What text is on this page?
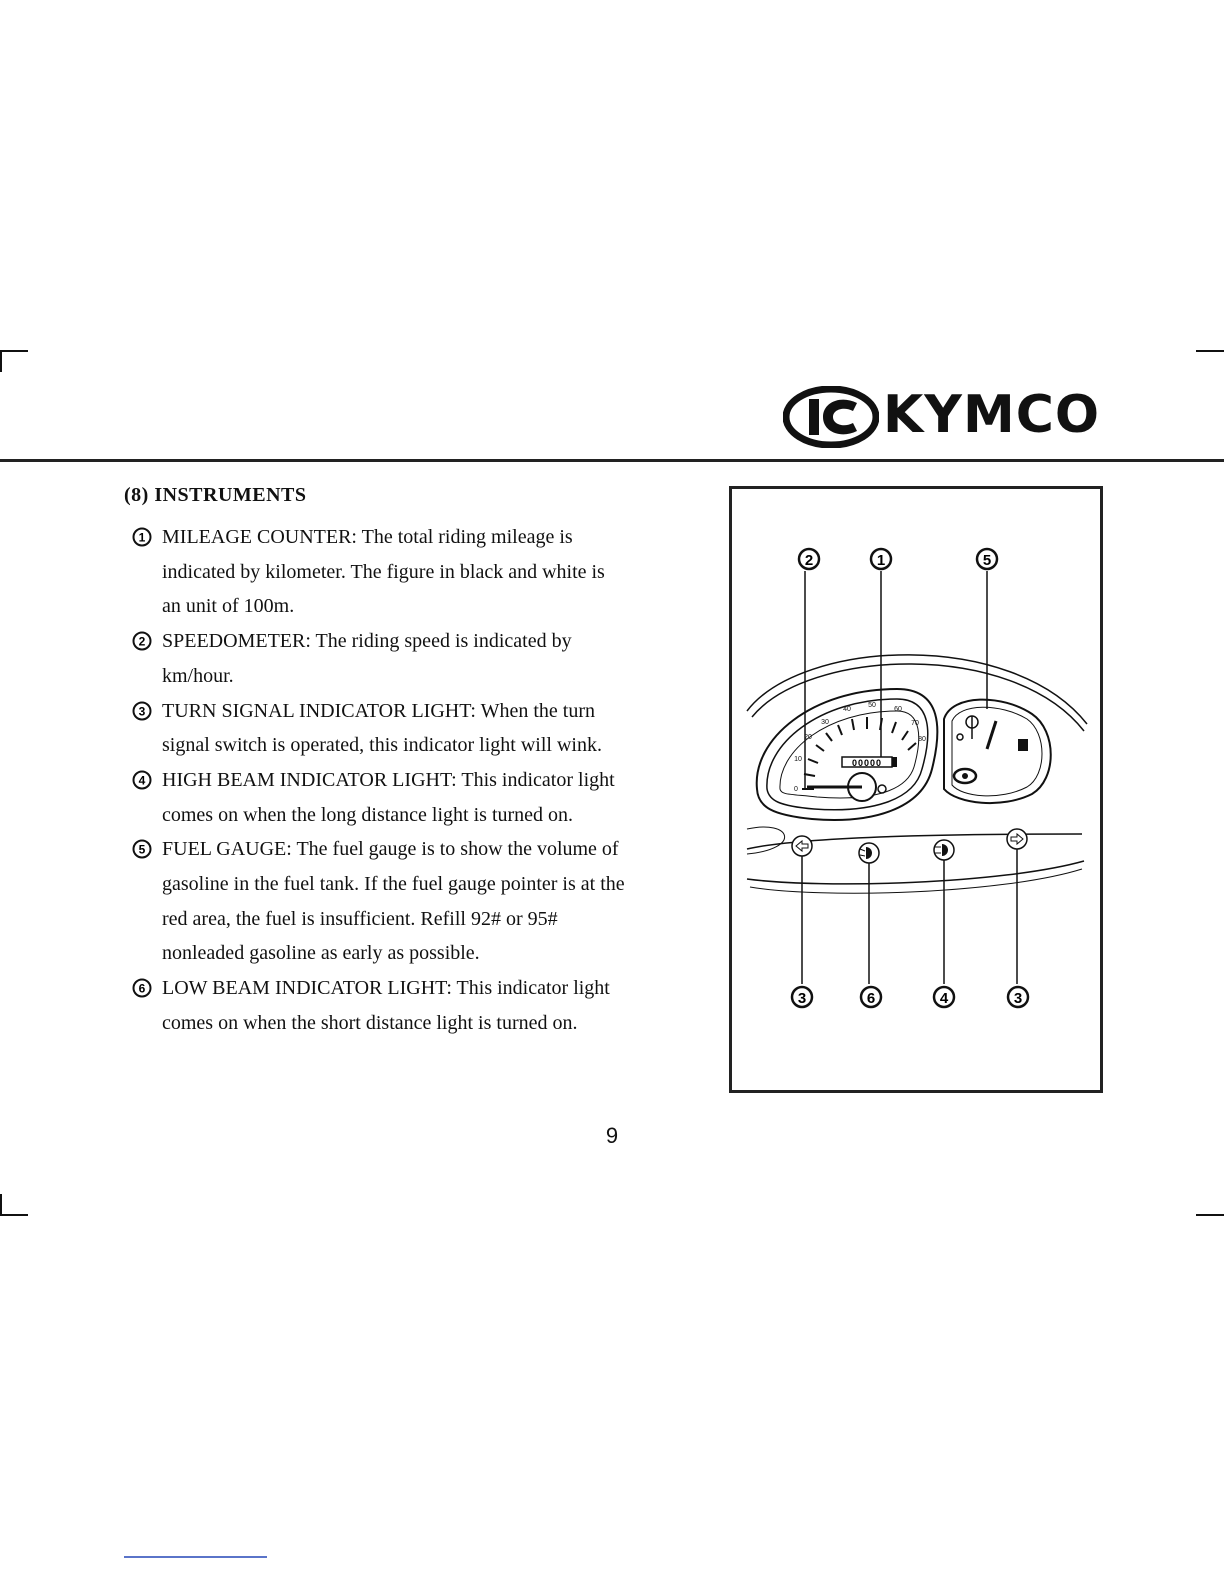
KYMCO
(8) INSTRUMENTS
1 MILEAGE COUNTER: The total riding mileage is
indicated by kilometer. The figure in black and white is
an unit of 100m.
2 SPEEDOMETER: The riding speed is indicated by
km/hour.
3 TURN SIGNAL INDICATOR LIGHT: When the turn
signal switch is operated, this indicator light will wink.
4 HIGH BEAM INDICATOR LIGHT: This indicator light
comes on when the long distance light is turned on.
5 FUEL GAUGE: The fuel gauge is to show the volume of
gasoline in the fuel tank. If the fuel gauge pointer is at the
red area, the fuel is insufficient. Refill 92# or 95#
nonleaded gasoline as early as possible.
6 LOW BEAM INDICATOR LIGHT: This indicator light
comes on when the short distance light is turned on.
2	1	5
0
10
20
30
40
50
60
70
80
00000
3	6	4	3
9
